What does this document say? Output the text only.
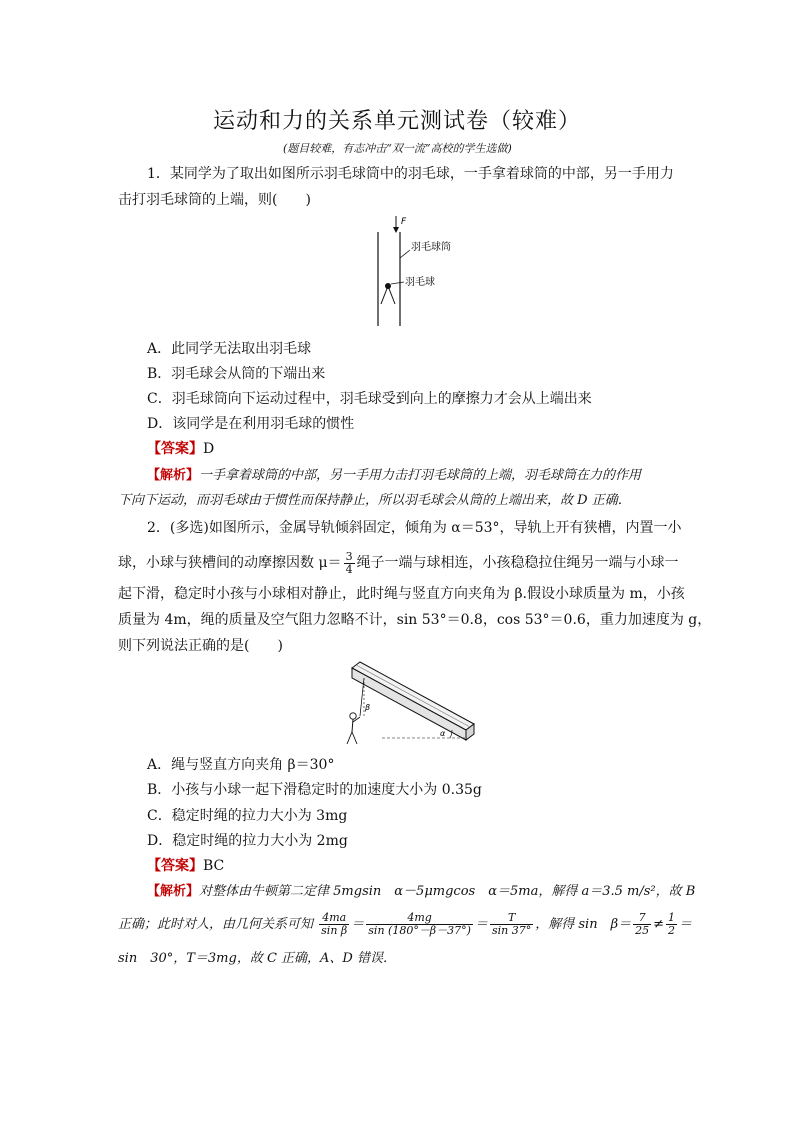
运动和力的关系单元测试卷（较难）
(题目较难，有志冲击“双一流”高校的学生选做)
1．某同学为了取出如图所示羽毛球筒中的羽毛球，一手拿着球筒的中部，另一手用力
击打羽毛球筒的上端，则(　　)
F
羽毛球筒
羽毛球
A．此同学无法取出羽毛球
B．羽毛球会从筒的下端出来
C．羽毛球筒向下运动过程中，羽毛球受到向上的摩擦力才会从上端出来
D．该同学是在利用羽毛球的惯性
【答案】D
【解析】一手拿着球筒的中部，另一手用力击打羽毛球筒的上端，羽毛球筒在力的作用
下向下运动，而羽毛球由于惯性而保持静止，所以羽毛球会从筒的上端出来，故 D 正确．
2．(多选)如图所示，金属导轨倾斜固定，倾角为 α＝53°，导轨上开有狭槽，内置一小
球，小球与狭槽间的动摩擦因数 $\mu= \frac{3}{4}$ 绳子一端与球相连，小孩稳稳拉住绳另一端与小球一
起下滑，稳定时小孩与小球相对静止，此时绳与竖直方向夹角为 β.假设小球质量为 m，小孩
质量为 4m，绳的质量及空气阻力忽略不计，sin 53°＝0.8，cos 53°＝0.6，重力加速度为 g，
则下列说法正确的是(　　)
β
α
A．绳与竖直方向夹角 β＝30°
B．小孩与小球一起下滑稳定时的加速度大小为 0.35g
C．稳定时绳的拉力大小为 3mg
D．稳定时绳的拉力大小为 2mg
【答案】BC
【解析】对整体由牛顿第二定律 5mgsin　α－5μmgcos　α＝5ma，解得 a＝3.5 m/s²，故 B
正确；此时对人，由几何关系可知 $\frac{4ma}{\text{sin β}} = \frac{4mg}{\sin (180^\circ-\beta-37^\circ)} = \frac{T}{\sin 37^\circ}$ ，解得 sin　$\beta= \frac{7}{25} \ne \frac{1}{2}$ ＝
sin　30°，T＝3mg，故 C 正确，A、D 错误．
